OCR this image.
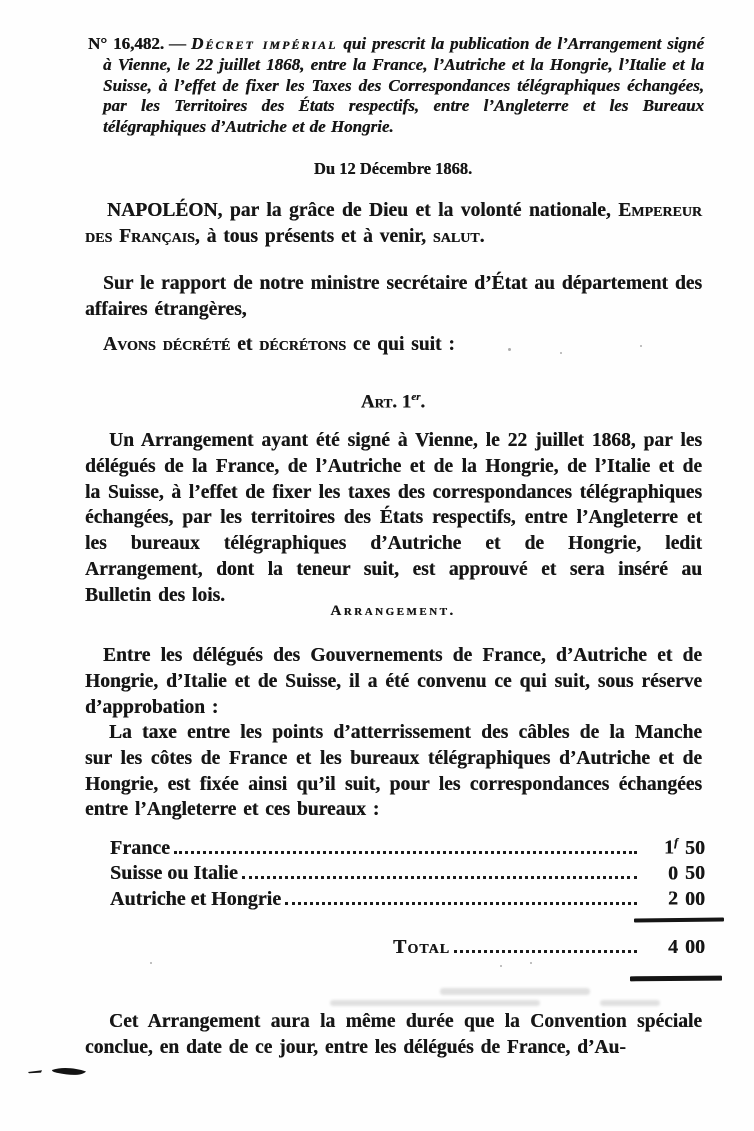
N° 16,482. — Décret impérial qui prescrit la publication de l’Arrangement signé à Vienne, le 22 juillet 1868, entre la France, l’Autriche et la Hongrie, l’Italie et la Suisse, à l’effet de fixer les Taxes des Correspondances télégraphiques échangées, par les Territoires des États respectifs, entre l’Angleterre et les Bureaux télégraphiques d’Autriche et de Hongrie.

Du 12 Décembre 1868.

NAPOLÉON, par la grâce de Dieu et la volonté nationale, Empereur des Français, à tous présents et à venir, salut.

Sur le rapport de notre ministre secrétaire d’État au département des affaires étrangères,

Avons décrété et décrétons ce qui suit :

Art. 1er.

Un Arrangement ayant été signé à Vienne, le 22 juillet 1868, par les délégués de la France, de l’Autriche et de la Hongrie, de l’Italie et de la Suisse, à l’effet de fixer les taxes des correspondances télégraphiques échangées, par les territoires des États respectifs, entre l’Angleterre et les bureaux télégraphiques d’Autriche et de Hongrie, ledit Arrangement, dont la teneur suit, est approuvé et sera inséré au Bulletin des lois.

Arrangement.

Entre les délégués des Gouvernements de France, d’Autriche et de Hongrie, d’Italie et de Suisse, il a été convenu ce qui suit, sous réserve d’approbation :

La taxe entre les points d’atterrissement des câbles de la Manche sur les côtes de France et les bureaux télégraphiques d’Autriche et de Hongrie, est fixée ainsi qu’il suit, pour les correspondances échangées entre l’Angleterre et ces bureaux :

France	1$^f$ 50
Suisse ou Italie	0 50
Autriche et Hongrie	2 00
Total	4 00

Cet Arrangement aura la même durée que la Convention spéciale conclue, en date de ce jour, entre les délégués de France, d’Au-
